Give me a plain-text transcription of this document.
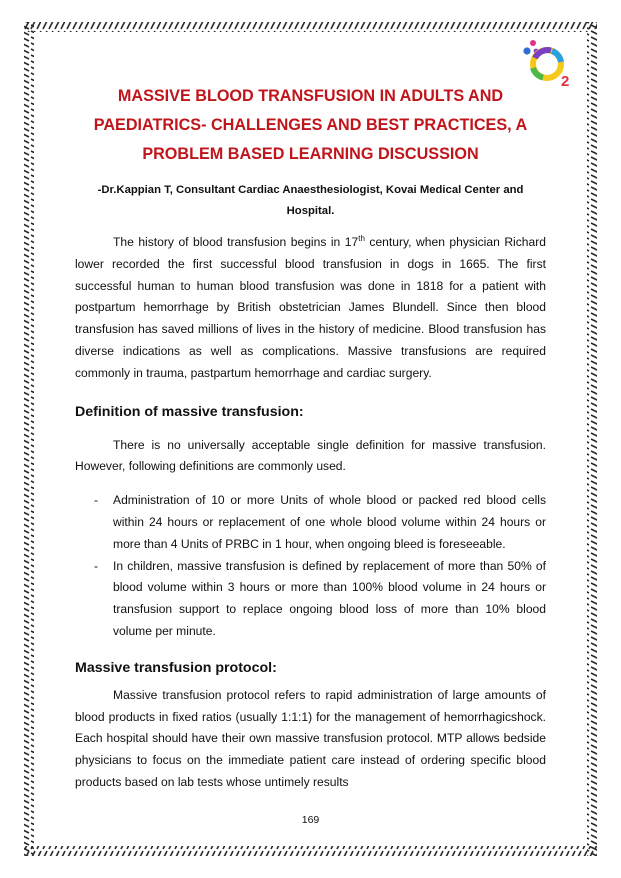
2
MASSIVE BLOOD TRANSFUSION IN ADULTS AND PAEDIATRICS- CHALLENGES AND BEST PRACTICES, A PROBLEM BASED LEARNING DISCUSSION

-Dr.Kappian T, Consultant Cardiac Anaesthesiologist, Kovai Medical Center and Hospital.

The history of blood transfusion begins in 17th century, when physician Richard lower recorded the first successful blood transfusion in dogs in 1665. The first successful human to human blood transfusion was done in 1818 for a patient with postpartum hemorrhage by British obstetrician James Blundell. Since then blood transfusion has saved millions of lives in the history of medicine. Blood transfusion has diverse indications as well as complications. Massive transfusions are required commonly in trauma, pastpartum hemorrhage and cardiac surgery.

Definition of massive transfusion:

There is no universally acceptable single definition for massive transfusion. However, following definitions are commonly used.

- Administration of 10 or more Units of whole blood or packed red blood cells within 24 hours or replacement of one whole blood volume within 24 hours or more than 4 Units of PRBC in 1 hour, when ongoing bleed is foreseeable.
- In children, massive transfusion is defined by replacement of more than 50% of blood volume within 3 hours or more than 100% blood volume in 24 hours or transfusion support to replace ongoing blood loss of more than 10% blood volume per minute.
Massive transfusion protocol:

Massive transfusion protocol refers to rapid administration of large amounts of blood products in fixed ratios (usually 1:1:1) for the management of hemorrhagicshock. Each hospital should have their own massive transfusion protocol. MTP allows bedside physicians to focus on the immediate patient care instead of ordering specific blood products based on lab tests whose untimely results

169
